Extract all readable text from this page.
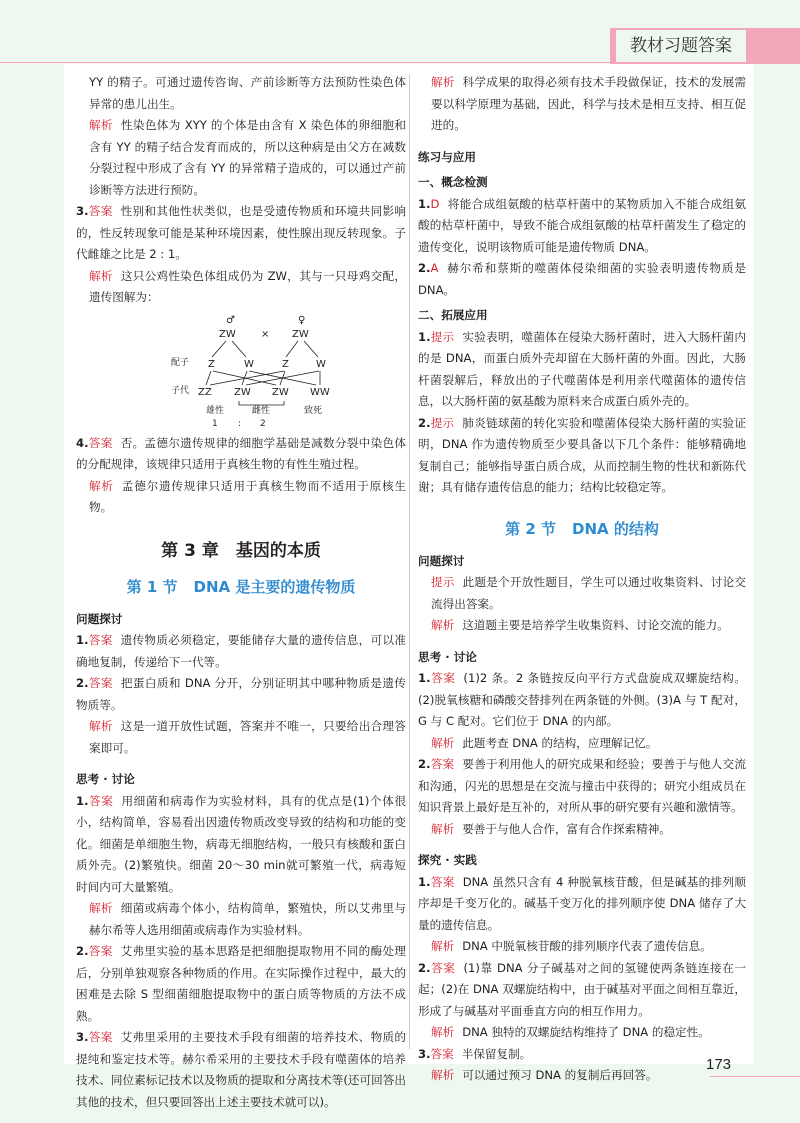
教材习题答案

YY 的精子。可通过遗传咨询、产前诊断等方法预防性染色体异常的患儿出生。

解析 性染色体为 XYY 的个体是由含有 X 染色体的卵细胞和含有 YY 的精子结合发育而成的，所以这种病是由父方在减数分裂过程中形成了含有 YY 的异常精子造成的，可以通过产前诊断等方法进行预防。

3.答案 性别和其他性状类似，也是受遗传物质和环境共同影响的，性反转现象可能是某种环境因素，使性腺出现反转现象。子代雌雄之比是 2 : 1。

解析 这只公鸡性染色体组成仍为 ZW，其与一只母鸡交配，遗传图解为：

♂	♀
ZW	× ZW
配子 Z	W	Z	W
子代 ZZ ZW ZW WW
雄性	雌性	致死
1 : 2

4.答案 否。孟德尔遗传规律的细胞学基础是减数分裂中染色体的分配规律，该规律只适用于真核生物的有性生殖过程。

解析 孟德尔遗传规律只适用于真核生物而不适用于原核生物。

第 3 章　基因的本质
第 1 节 DNA 是主要的遗传物质
问题探讨

1.答案 遗传物质必须稳定，要能储存大量的遗传信息，可以准确地复制，传递给下一代等。

2.答案 把蛋白质和 DNA 分开，分别证明其中哪种物质是遗传物质等。

解析 这是一道开放性试题，答案并不唯一，只要给出合理答案即可。

思考 · 讨论

1.答案 用细菌和病毒作为实验材料，具有的优点是(1)个体很小，结构简单，容易看出因遗传物质改变导致的结构和功能的变化。细菌是单细胞生物，病毒无细胞结构，一般只有核酸和蛋白质外壳。(2)繁殖快。细菌 20～30 min就可繁殖一代，病毒短时间内可大量繁殖。

解析 细菌或病毒个体小，结构简单，繁殖快，所以艾弗里与赫尔希等人选用细菌或病毒作为实验材料。

2.答案 艾弗里实验的基本思路是把细胞提取物用不同的酶处理后，分别单独观察各种物质的作用。在实际操作过程中，最大的困难是去除 S 型细菌细胞提取物中的蛋白质等物质的方法不成熟。

3.答案 艾弗里采用的主要技术手段有细菌的培养技术、物质的提纯和鉴定技术等。赫尔希采用的主要技术手段有噬菌体的培养技术、同位素标记技术以及物质的提取和分离技术等(还可回答出其他的技术，但只要回答出上述主要技术就可以)。

解析 科学成果的取得必须有技术手段做保证，技术的发展需要以科学原理为基础，因此，科学与技术是相互支持、相互促进的。

练习与应用
一、概念检测

1.D 将能合成组氨酸的枯草杆菌中的某物质加入不能合成组氨酸的枯草杆菌中，导致不能合成组氨酸的枯草杆菌发生了稳定的遗传变化，说明该物质可能是遗传物质 DNA。

2.A 赫尔希和蔡斯的噬菌体侵染细菌的实验表明遗传物质是 DNA。

二、拓展应用

1.提示 实验表明，噬菌体在侵染大肠杆菌时，进入大肠杆菌内的是 DNA，而蛋白质外壳却留在大肠杆菌的外面。因此，大肠杆菌裂解后，释放出的子代噬菌体是利用亲代噬菌体的遗传信息，以大肠杆菌的氨基酸为原料来合成蛋白质外壳的。

2.提示 肺炎链球菌的转化实验和噬菌体侵染大肠杆菌的实验证明，DNA 作为遗传物质至少要具备以下几个条件：能够精确地复制自己；能够指导蛋白质合成，从而控制生物的性状和新陈代谢；具有储存遗传信息的能力；结构比较稳定等。

第 2 节 DNA 的结构
问题探讨

提示 此题是个开放性题目，学生可以通过收集资料、讨论交流得出答案。

解析 这道题主要是培养学生收集资料、讨论交流的能力。

思考 · 讨论

1.答案 (1)2 条。2 条链按反向平行方式盘旋成双螺旋结构。(2)脱氧核糖和磷酸交替排列在两条链的外侧。(3)A 与 T 配对，G 与 C 配对。它们位于 DNA 的内部。

解析 此题考查 DNA 的结构，应理解记忆。

2.答案 要善于利用他人的研究成果和经验；要善于与他人交流和沟通，闪光的思想是在交流与撞击中获得的；研究小组成员在知识背景上最好是互补的，对所从事的研究要有兴趣和激情等。

解析 要善于与他人合作，富有合作探索精神。

探究 · 实践

1.答案 DNA 虽然只含有 4 种脱氧核苷酸，但是碱基的排列顺序却是千变万化的。碱基千变万化的排列顺序使 DNA 储存了大量的遗传信息。

解析 DNA 中脱氧核苷酸的排列顺序代表了遗传信息。

2.答案 (1)靠 DNA 分子碱基对之间的氢键使两条链连接在一起；(2)在 DNA 双螺旋结构中，由于碱基对平面之间相互靠近，形成了与碱基对平面垂直方向的相互作用力。

解析 DNA 独特的双螺旋结构维持了 DNA 的稳定性。

3.答案 半保留复制。

解析 可以通过预习 DNA 的复制后再回答。

173
